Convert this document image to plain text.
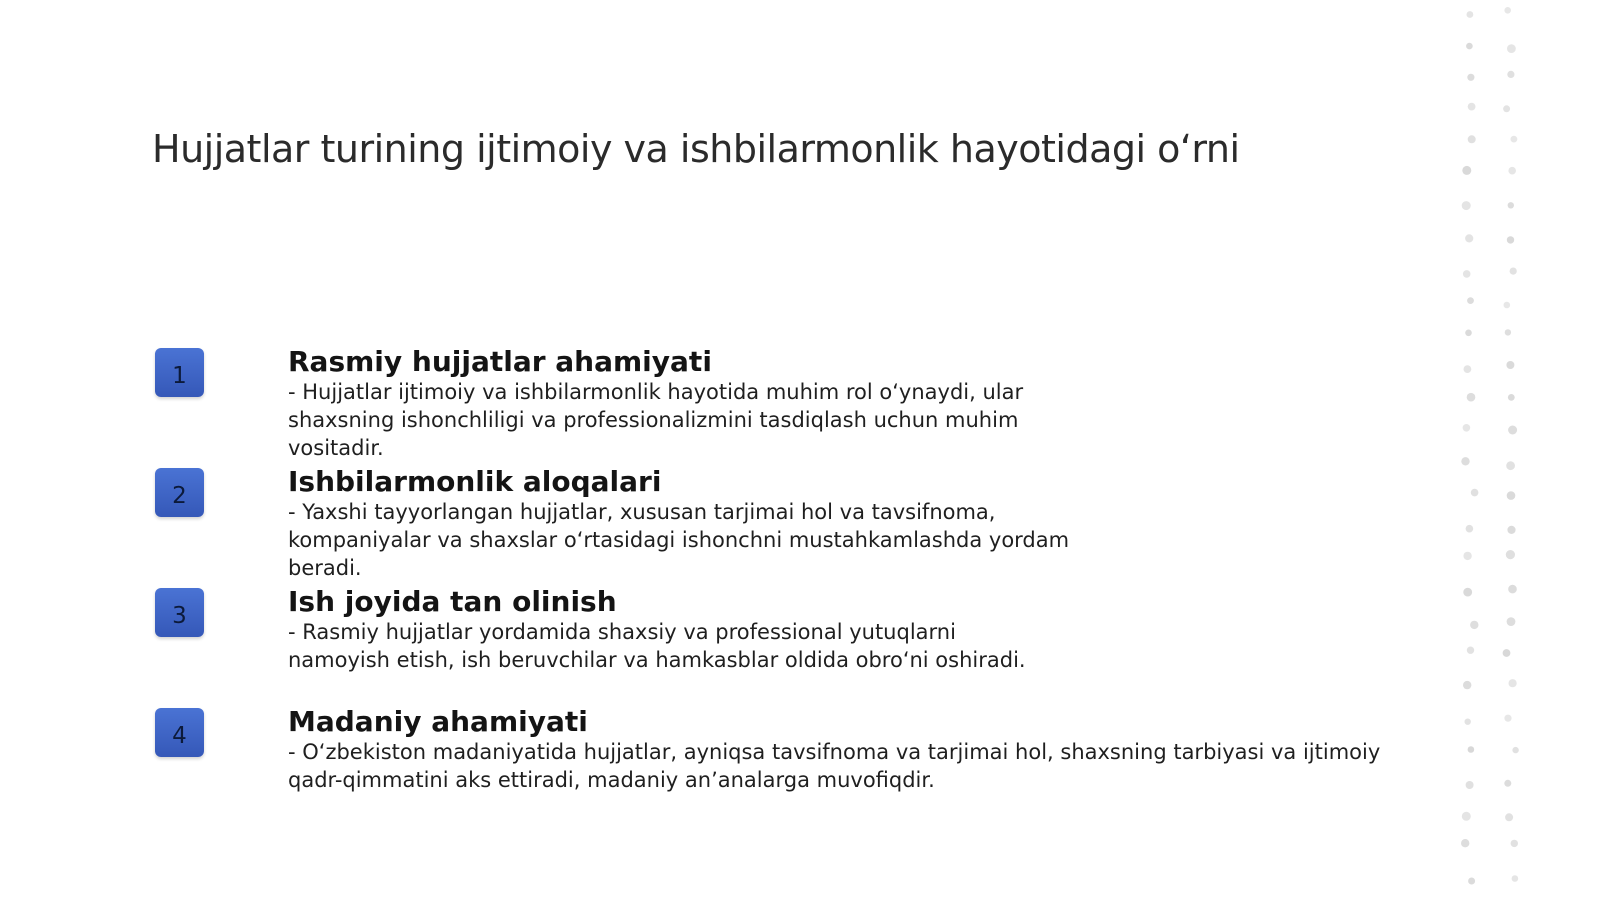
Hujjatlar turining ijtimoiy va ishbilarmonlik hayotidagi oʻrni
1	Rasmiy hujjatlar ahamiyati
- Hujjatlar ijtimoiy va ishbilarmonlik hayotida muhim rol oʻynaydi, ular
shaxsning ishonchliligi va professionalizmini tasdiqlash uchun muhim
vositadir.
2	Ishbilarmonlik aloqalari
- Yaxshi tayyorlangan hujjatlar, xususan tarjimai hol va tavsifnoma,
kompaniyalar va shaxslar oʻrtasidagi ishonchni mustahkamlashda yordam
beradi.
3	Ish joyida tan olinish
- Rasmiy hujjatlar yordamida shaxsiy va professional yutuqlarni
namoyish etish, ish beruvchilar va hamkasblar oldida obroʻni oshiradi.
4	Madaniy ahamiyati
- Oʻzbekiston madaniyatida hujjatlar, ayniqsa tavsifnoma va tarjimai hol, shaxsning tarbiyasi va ijtimoiy
qadr-qimmatini aks ettiradi, madaniy anʼanalarga muvofiqdir.
